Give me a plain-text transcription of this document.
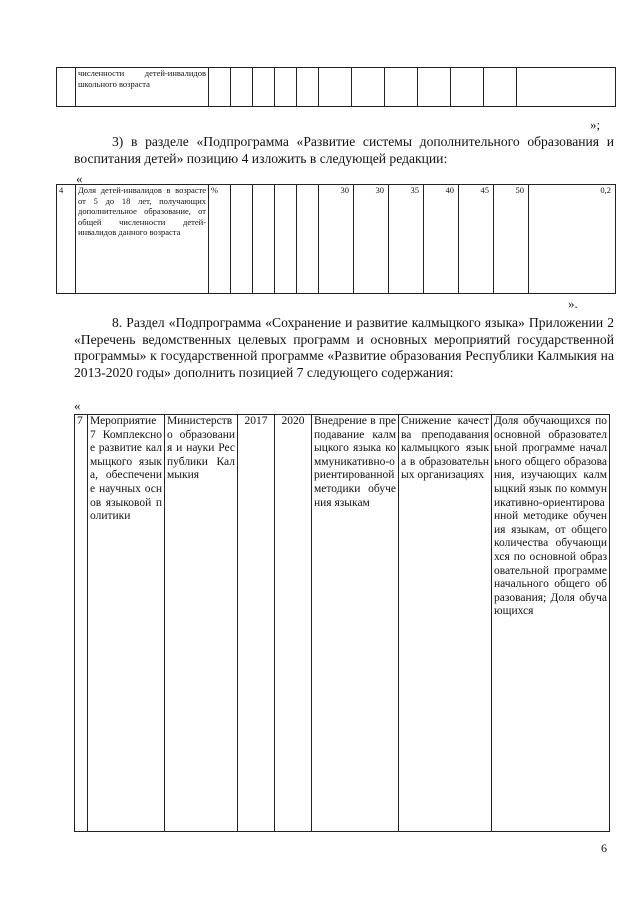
	численности детей-инвалидов школьного возраста												
»;
3) в разделе «Подпрограмма «Развитие системы дополнительного образования и воспитания детей» позицию 4 изложить в следующей редакции:
«
4	Доля детей-инвалидов в возрасте от 5 до 18 лет, получающих дополнительное образование, от общей численности детей-инвалидов данного возраста	%					30	30	35	40	45	50	0,2
».
8. Раздел «Подпрограмма «Сохранение и развитие калмыцкого языка» Приложении 2 «Перечень ведомственных целевых программ и основных мероприятий государственной программы» к государственной программе «Развитие образования Республики Калмыкия на 2013-2020 годы» дополнить позицией 7 следующего содержания:
«
7	Мероприятие 7 Комплексное развитие калмыцкого языка, обеспечение научных основ языковой политики	Министерство образования и науки Республики Калмыкия	2017	2020	Внедрение в преподавание калмыцкого языка коммуникативно-ориентированной методики обучения языкам	Снижение качества преподавания калмыцкого языка в образовательных организациях	Доля обучающихся по основной образовательной программе начального общего образования, изучающих калмыцкий язык по коммуникативно-ориентированной методике обучения языкам, от общего количества обучающихся по основной образовательной программе начального общего образования; Доля обучающихся
6
